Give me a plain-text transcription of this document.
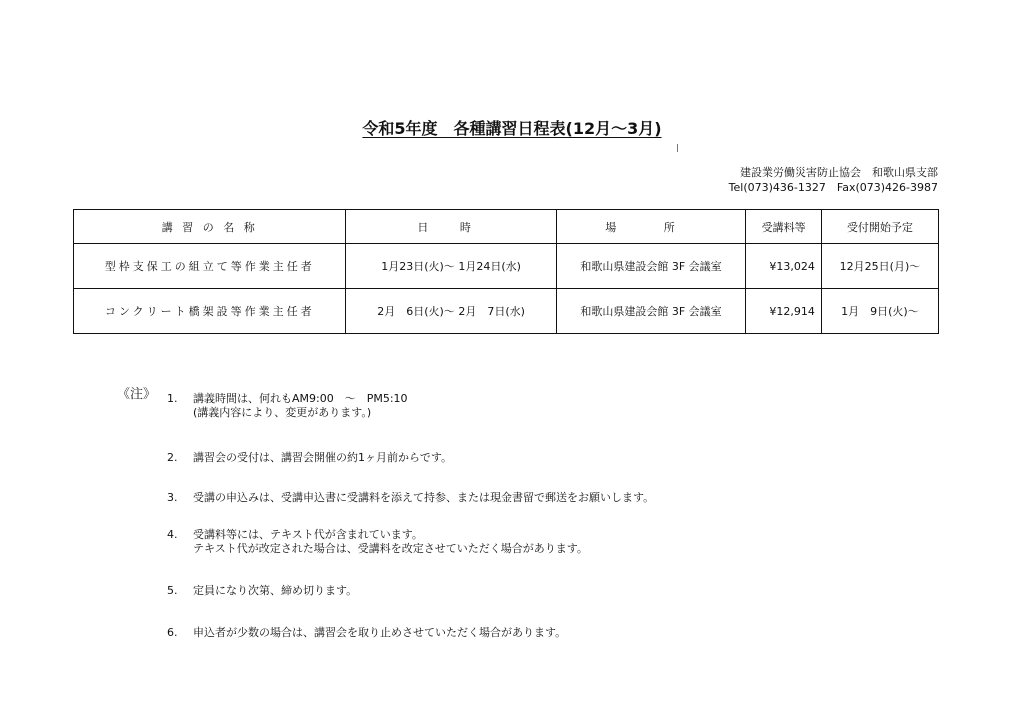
令和5年度　各種講習日程表(12月～3月)
建設業労働災害防止協会　和歌山県支部
Tel(073)436-1327　Fax(073)426-3987
講 習 の 名 称	日 時	場 所	受講料等	受付開始予定
型枠支保工の組立て等作業主任者	1月23日(火)～ 1月24日(水)	和歌山県建設会館 3F 会議室	¥13,024	12月25日(月)～
コンクリート橋架設等作業主任者	2月　6日(火)～ 2月　7日(水)	和歌山県建設会館 3F 会議室	¥12,914	1月　9日(火)～
《注》 1.	講義時間は、何れもAM9:00　～　PM5:10
(講義内容により、変更があります。)
2.	講習会の受付は、講習会開催の約1ヶ月前からです。
3.	受講の申込みは、受講申込書に受講料を添えて持参、または現金書留で郵送をお願いします。
4.	受講料等には、テキスト代が含まれています。
テキスト代が改定された場合は、受講料を改定させていただく場合があります。
5.	定員になり次第、締め切ります。
6.	申込者が少数の場合は、講習会を取り止めさせていただく場合があります。
